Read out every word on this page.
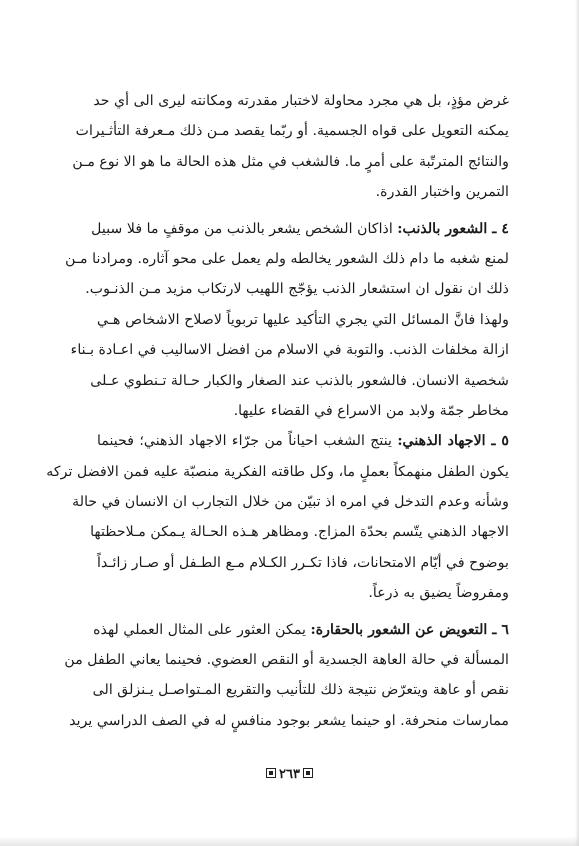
غرض مؤذٍ، بل هي مجرد محاولة لاختبار مقدرته ومكانته ليرى الى أي حد
يمكنه التعويل على قواه الجسمية. أو ربّما يقصد مـن ذلك مـعرفة التأثـيرات
والنتائج المترتّبة على أمرٍ ما. فالشغب في مثل هذه الحالة ما هو الا نوع مـن
التمرين واختبار القدرة.
٤ ـ الشعور بالذنب: اذاكان الشخص يشعر بالذنب من موقفٍ ما فلا سبيل
لمنع شغبه ما دام ذلك الشعور يخالطه ولم يعمل على محو آثاره. ومرادنا مـن
ذلك ان نقول ان استشعار الذنب يؤجّج اللهيب لارتكاب مزيد مـن الذنـوب.
ولهذا فانَّ المسائل التي يجري التأكيد عليها تربوياً لاصلاح الاشخاص هـي
ازالة مخلفات الذنب. والتوبة في الاسلام من افضل الاساليب في اعـادة بـناء
شخصية الانسان. فالشعور بالذنب عند الصغار والكبار حـالة تـنطوي عـلى
مخاطر جمّة ولابد من الاسراع في القضاء عليها.
٥ ـ الاجهاد الذهني: ينتج الشغب احياناً من جرّاء الاجهاد الذهني؛ فحينما
يكون الطفل منهمكاً بعملٍ ما، وكل طاقته الفكرية منصبّة عليه فمن الافضل تركه
وشأنه وعدم التدخل في امره اذ تبيّن من خلال التجارب ان الانسان في حالة
الاجهاد الذهني يتّسم بحدّة المزاج. ومظاهر هـذه الحـالة يـمكن مـلاحظتها
بوضوح في أيّام الامتحانات، فاذا تكـرر الكـلام مـع الطـفل أو صـار زائـداً
ومفروضاً يضيق به ذرعاً.
٦ ـ التعويض عن الشعور بالحقارة: يمكن العثور على المثال العملي لهذه
المسألة في حالة العاهة الجسدية أو النقص العضوي. فحينما يعاني الطفل من
نقص أو عاهة ويتعرّض نتيجة ذلك للتأنيب والتقريع المـتواصـل يـنزلق الى
ممارسات منحرفة. او حينما يشعر بوجود منافسٍ له في الصف الدراسي يريد
٢٦٣
